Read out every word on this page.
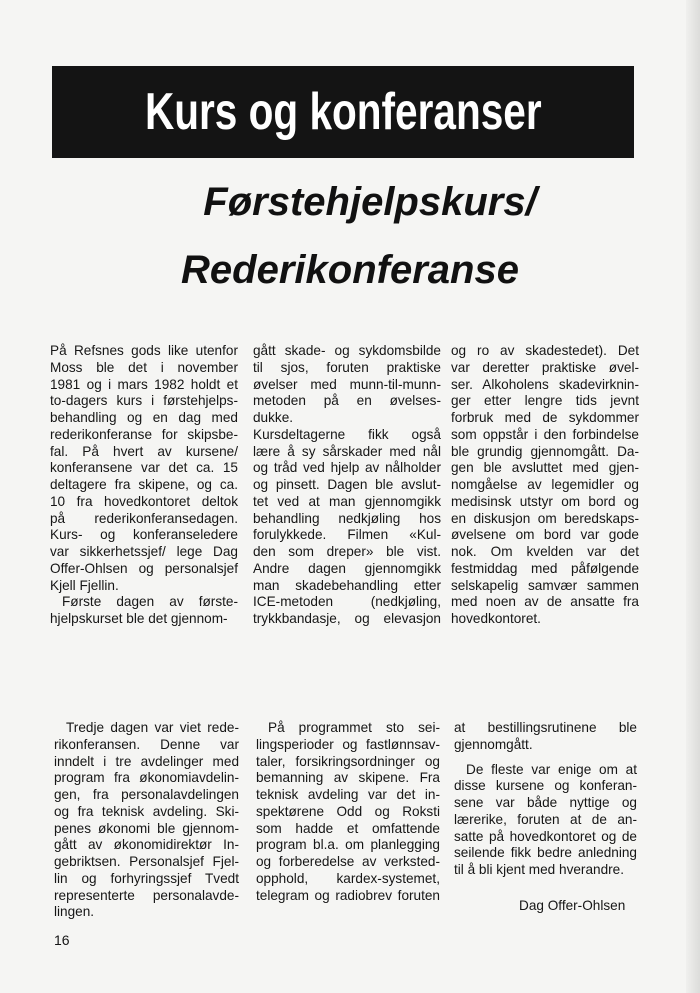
Kurs og konferanser
Førstehjelpskurs/
Rederikonferanse
På Refsnes gods like utenfor
Moss ble det i november
1981 og i mars 1982 holdt et
to-dagers kurs i førstehjelps-
behandling og en dag med
rederikonferanse for skipsbe-
fal. På hvert av kursene/
konferansene var det ca. 15
deltagere fra skipene, og ca.
10 fra hovedkontoret deltok
på rederikonferansedagen.
Kurs- og konferanseledere
var sikkerhetssjef/ lege Dag
Offer-Ohlsen og personalsjef
Kjell Fjellin.
Første dagen av første-
hjelpskurset ble det gjennom-
gått skade- og sykdomsbilde
til sjos, foruten praktiske
øvelser med munn-til-munn-
metoden på en øvelses-
dukke.
Kursdeltagerne fikk også
lære å sy sårskader med nål
og tråd ved hjelp av nålholder
og pinsett. Dagen ble avslut-
tet ved at man gjennomgikk
behandling nedkjøling hos
forulykkede. Filmen «Kul-
den som dreper» ble vist.
Andre dagen gjennomgikk
man skadebehandling etter
ICE-metoden (nedkjøling,
trykkbandasje, og elevasjon
og ro av skadestedet). Det
var deretter praktiske øvel-
ser. Alkoholens skadevirknin-
ger etter lengre tids jevnt
forbruk med de sykdommer
som oppstår i den forbindelse
ble grundig gjennomgått. Da-
gen ble avsluttet med gjen-
nomgåelse av legemidler og
medisinsk utstyr om bord og
en diskusjon om beredskaps-
øvelsene om bord var gode
nok. Om kvelden var det
festmiddag med påfølgende
selskapelig samvær sammen
med noen av de ansatte fra
hovedkontoret.
Tredje dagen var viet rede-
rikonferansen. Denne var
inndelt i tre avdelinger med
program fra økonomiavdelin-
gen, fra personalavdelingen
og fra teknisk avdeling. Ski-
penes økonomi ble gjennom-
gått av økonomidirektør In-
gebriktsen. Personalsjef Fjel-
lin og forhyringssjef Tvedt
representerte personalavde-
lingen.
På programmet sto sei-
lingsperioder og fastlønnsav-
taler, forsikringsordninger og
bemanning av skipene. Fra
teknisk avdeling var det in-
spektørene Odd og Roksti
som hadde et omfattende
program bl.a. om planlegging
og forberedelse av verksted-
opphold, kardex-systemet,
telegram og radiobrev foruten
at bestillingsrutinene ble
gjennomgått.
De fleste var enige om at
disse kursene og konferan-
sene var både nyttige og
lærerike, foruten at de an-
satte på hovedkontoret og de
seilende fikk bedre anledning
til å bli kjent med hverandre.
Dag Offer-Ohlsen
16
